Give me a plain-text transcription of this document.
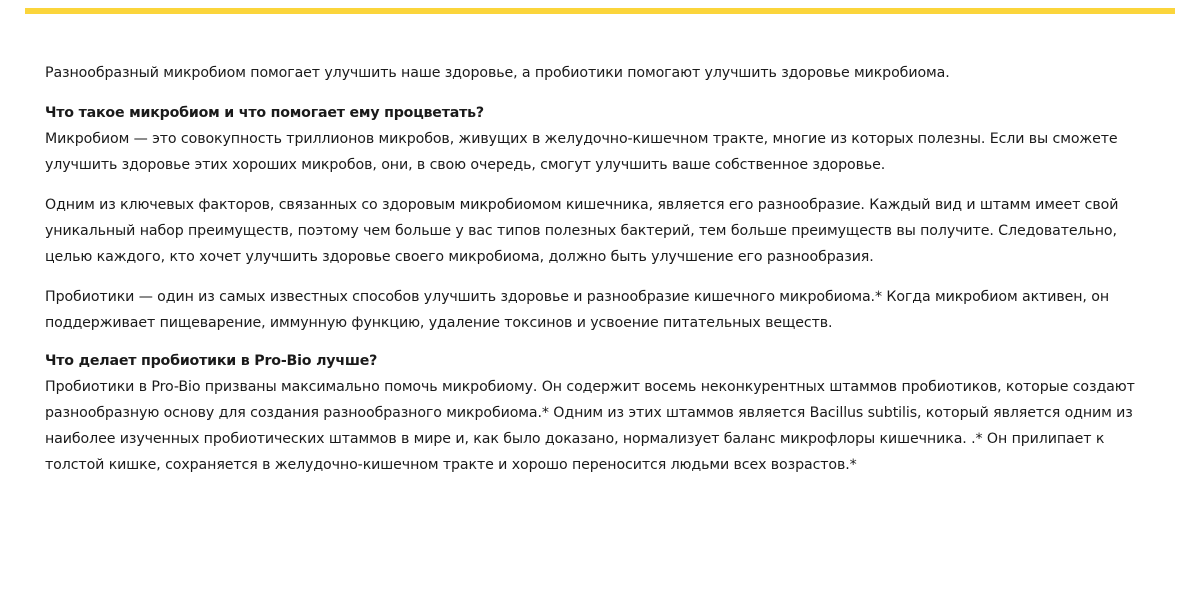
Разнообразный микробиом помогает улучшить наше здоровье, а пробиотики помогают улучшить здоровье микробиома.

Что такое микробиом и что помогает ему процветать?

Микробиом — это совокупность триллионов микробов, живущих в желудочно-кишечном тракте, многие из которых полезны. Если вы сможете улучшить здоровье этих хороших микробов, они, в свою очередь, смогут улучшить ваше собственное здоровье.

Одним из ключевых факторов, связанных со здоровым микробиомом кишечника, является его разнообразие. Каждый вид и штамм имеет свой уникальный набор преимуществ, поэтому чем больше у вас типов полезных бактерий, тем больше преимуществ вы получите. Следовательно, целью каждого, кто хочет улучшить здоровье своего микробиома, должно быть улучшение его разнообразия.

Пробиотики — один из самых известных способов улучшить здоровье и разнообразие кишечного микробиома.* Когда микробиом активен, он поддерживает пищеварение, иммунную функцию, удаление токсинов и усвоение питательных веществ.

Что делает пробиотики в Pro-Bio лучше?

Пробиотики в Pro-Bio призваны максимально помочь микробиому. Он содержит восемь неконкурентных штаммов пробиотиков, которые создают разнообразную основу для создания разнообразного микробиома.* Одним из этих штаммов является Bacillus subtilis, который является одним из наиболее изученных пробиотических штаммов в мире и, как было доказано, нормализует баланс микрофлоры кишечника. .* Он прилипает к толстой кишке, сохраняется в желудочно-кишечном тракте и хорошо переносится людьми всех возрастов.*
